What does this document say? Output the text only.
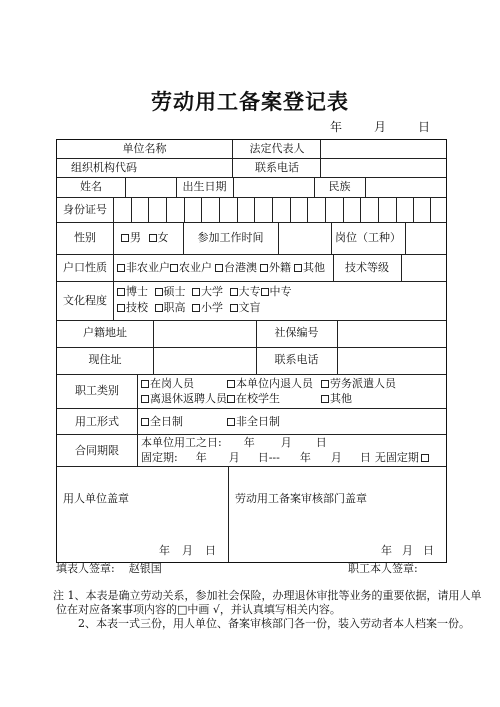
劳动用工备案登记表
年	月	日
单位名称	法定代表人
组织机构代码	联系电话
姓名	出生日期	民族
身份证号
性别	男 女	参加工作时间	岗位（工种）
户口性质	非农业户 农业户 台港澳 外籍 其他	技术等级
文化程度
博士 硕士 大学 大专 中专
技校 职高 小学 文盲
户籍地址	社保编号
现住址	联系电话
职工类别
在岗人员	本单位内退人员	劳务派遣人员
离退休返聘人员 在校学生	其他
用工形式	全日制	非全日制
合同期限
本单位用工之日: 年 月 日
固定期: 年 月 日--- 年 月 日 无固定期
用人单位盖章	劳动用工备案审核部门盖章
年 月 日	年 月 日
填表人签章: 赵银国	职工本人签章:
注 1、本表是确立劳动关系，参加社会保险，办理退休审批等业务的重要依据，请用人单
位在对应备案事项内容的□中画 √，并认真填写相关内容。
2、本表一式三份，用人单位、备案审核部门各一份，装入劳动者本人档案一份。
